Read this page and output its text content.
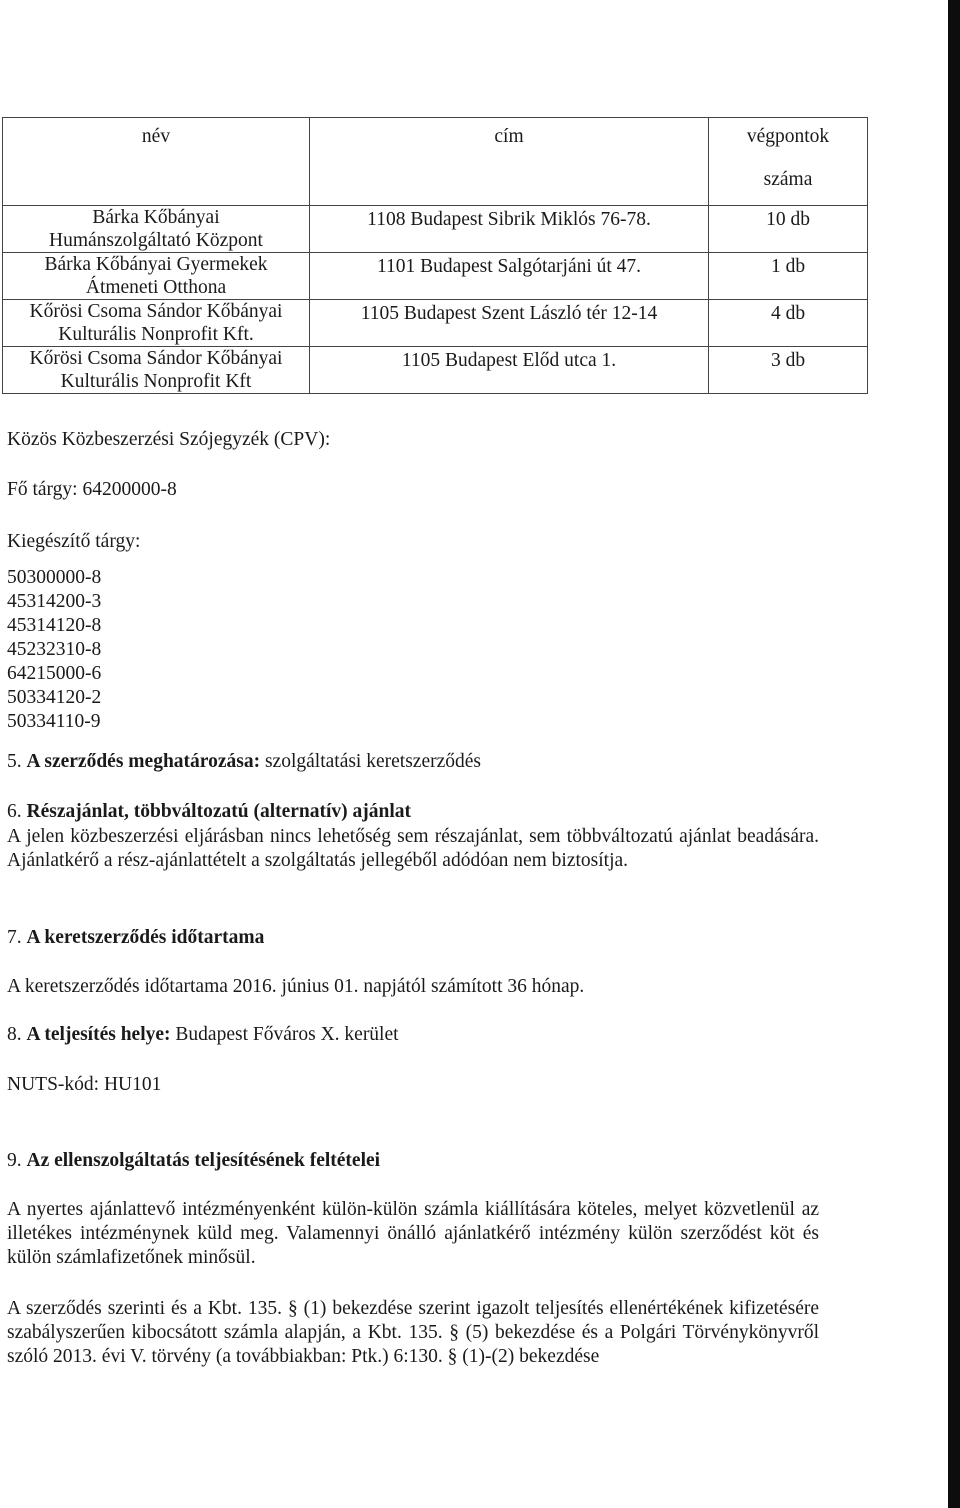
név	cím	végpontok
száma

Bárka Kőbányai
Humánszolgáltató Központ	1108 Budapest Sibrik Miklós 76-78.	10 db

Bárka Kőbányai Gyermekek
Átmeneti Otthona	1101 Budapest Salgótarjáni út 47.	1 db

Kőrösi Csoma Sándor Kőbányai
Kulturális Nonprofit Kft.	1105 Budapest Szent László tér 12-14	4 db

Kőrösi Csoma Sándor Kőbányai
Kulturális Nonprofit Kft	1105 Budapest Előd utca 1.	3 db
Közös Közbeszerzési Szójegyzék (CPV):
Fő tárgy: 64200000-8
Kiegészítő tárgy:
50300000-8
45314200-3
45314120-8
45232310-8
64215000-6
50334120-2
50334110-9
5. A szerződés meghatározása: szolgáltatási keretszerződés
6. Részajánlat, többváltozatú (alternatív) ajánlat
A jelen közbeszerzési eljárásban nincs lehetőség sem részajánlat, sem többváltozatú ajánlat beadására. Ajánlatkérő a rész-ajánlattételt a szolgáltatás jellegéből adódóan nem biztosítja.
7. A keretszerződés időtartama
A keretszerződés időtartama 2016. június 01. napjától számított 36 hónap.
8. A teljesítés helye: Budapest Főváros X. kerület
NUTS-kód: HU101
9. Az ellenszolgáltatás teljesítésének feltételei
A nyertes ajánlattevő intézményenként külön-külön számla kiállítására köteles, melyet közvetlenül az illetékes intézménynek küld meg. Valamennyi önálló ajánlatkérő intézmény külön szerződést köt és külön számlafizetőnek minősül.
A szerződés szerinti és a Kbt. 135. § (1) bekezdése szerint igazolt teljesítés ellenértékének kifizetésére szabályszerűen kibocsátott számla alapján, a Kbt. 135. § (5) bekezdése és a Polgári Törvénykönyvről szóló 2013. évi V. törvény (a továbbiakban: Ptk.) 6:130. § (1)-(2) bekezdése
